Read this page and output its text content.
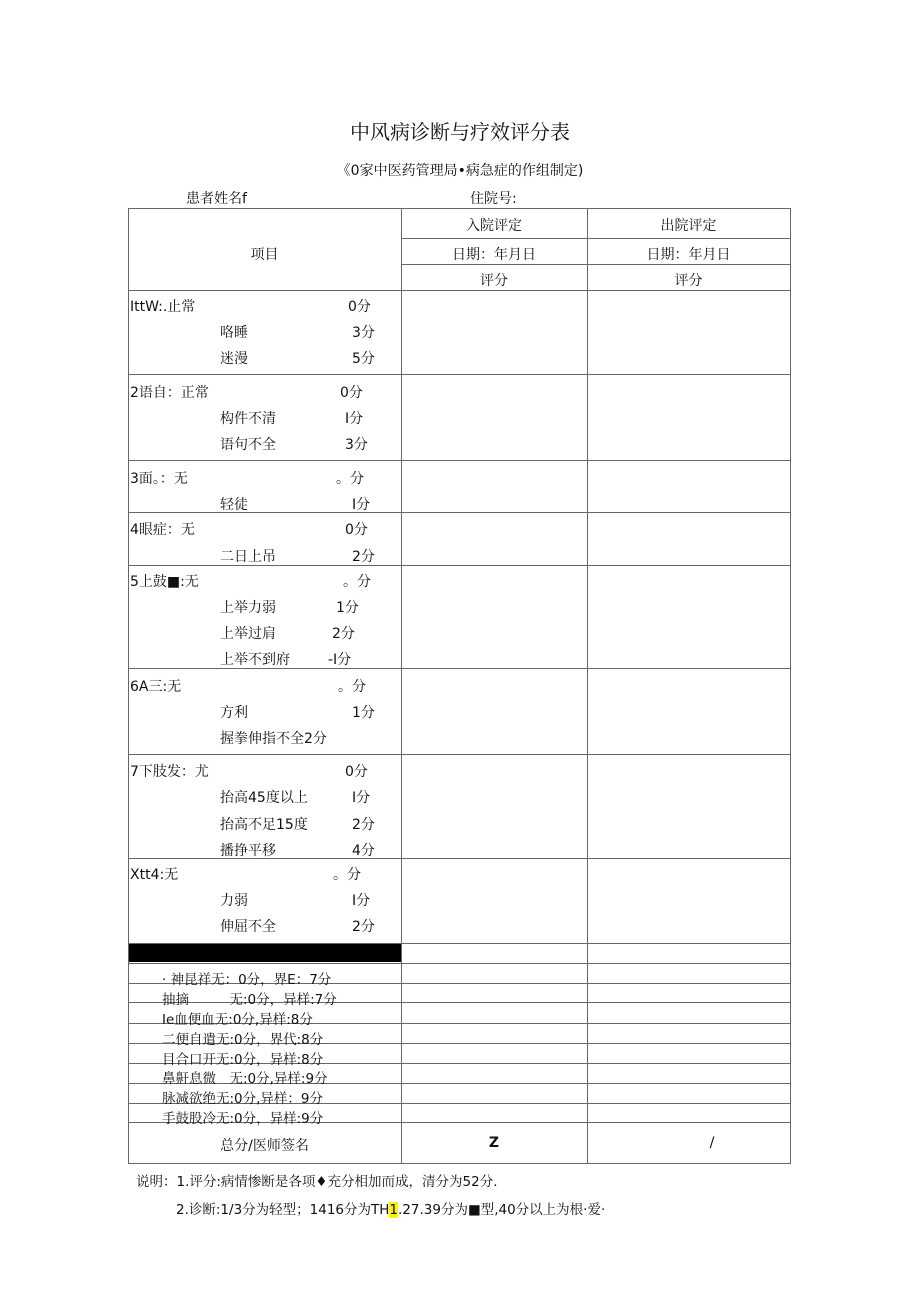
中风病诊断与疗效评分表
《0家中医药管理局•病急症的作组制定)
患者姓名f	住院号:
项目
入院评定	出院评定
日期：年月日	日期：年月日
评分	评分
IttW:.止常	0分
咯睡	3分
迷漫	5分
2语自：正常	0分
构件不清	I分
语句不全	3分
3面。：无	。分
轻徒	I分
4眼症：无	0分
二日上吊	2分
5上鼓■:无	。分
上举力弱	1分
上举过肩	2分
上举不到府	-I分
6A三:无	。分
方利	1分
握拳伸指不全2分
7下肢发：尤	0分
抬高45度以上	I分
抬高不足15度	2分
播挣平移	4分
Xtt4:无	。分
力弱	I分
伸屈不全	2分
· 神昆祥无：0分，界E：7分
抽摘　　　无:0分，异样:7分
Ie血便血无:0分,异样:8分
二便自遣无:0分，界代:8分
目合口开无:0分，异样:8分
鼻鼾息微　无:0分,异样:9分
脉减欲绝无:0分,异样：9分
手鼓股冷无:0分，异样:9分
总分/医师签名	Z	/
说明：1.评分:病情惨断是各项♦充分相加而成，清分为52分.
2.诊断:1/3分为轻型；1416分为TH1.27.39分为■型,40分以上为根·爱·
